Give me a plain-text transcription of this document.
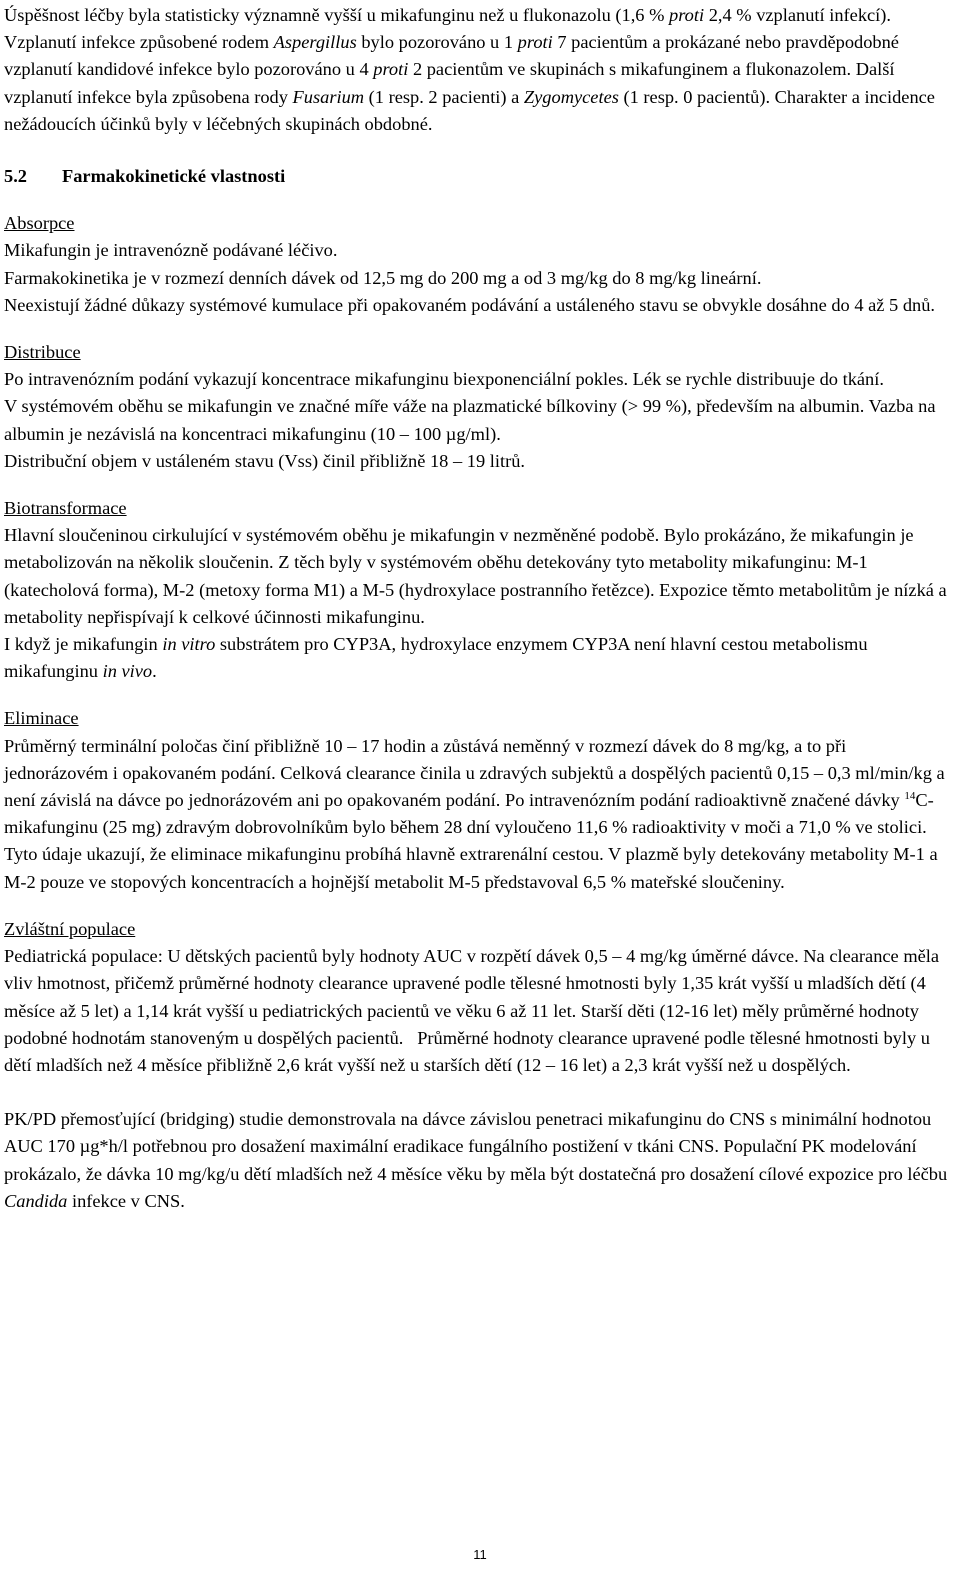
Úspěšnost léčby byla statisticky významně vyšší u mikafunginu než u flukonazolu (1,6 % proti 2,4 % vzplanutí infekcí). Vzplanutí infekce způsobené rodem Aspergillus bylo pozorováno u 1 proti 7 pacientům a prokázané nebo pravděpodobné vzplanutí kandidové infekce bylo pozorováno u 4 proti 2 pacientům ve skupinách s mikafunginem a flukonazolem. Další vzplanutí infekce byla způsobena rody Fusarium (1 resp. 2 pacienti) a Zygomycetes (1 resp. 0 pacientů). Charakter a incidence nežádoucích účinků byly v léčebných skupinách obdobné.

5.2 Farmakokinetické vlastnosti

Absorpce

Mikafungin je intravenózně podávané léčivo.

Farmakokinetika je v rozmezí denních dávek od 12,5 mg do 200 mg a od 3 mg/kg do 8 mg/kg lineární.

Neexistují žádné důkazy systémové kumulace při opakovaném podávání a ustáleného stavu se obvykle dosáhne do 4 až 5 dnů.

Distribuce

Po intravenózním podání vykazují koncentrace mikafunginu biexponenciální pokles. Lék se rychle distribuuje do tkání.

V systémovém oběhu se mikafungin ve značné míře váže na plazmatické bílkoviny (> 99 %), především na albumin. Vazba na albumin je nezávislá na koncentraci mikafunginu (10 – 100 µg/ml).

Distribuční objem v ustáleném stavu (Vss) činil přibližně 18 – 19 litrů.

Biotransformace

Hlavní sloučeninou cirkulující v systémovém oběhu je mikafungin v nezměněné podobě. Bylo prokázáno, že mikafungin je metabolizován na několik sloučenin. Z těch byly v systémovém oběhu detekovány tyto metabolity mikafunginu: M-1 (katecholová forma), M-2 (metoxy forma M1) a M-5 (hydroxylace postranního řetězce). Expozice těmto metabolitům je nízká a metabolity nepřispívají k celkové účinnosti mikafunginu.

I když je mikafungin in vitro substrátem pro CYP3A, hydroxylace enzymem CYP3A není hlavní cestou metabolismu mikafunginu in vivo.

Eliminace

Průměrný terminální poločas činí přibližně 10 – 17 hodin a zůstává neměnný v rozmezí dávek do 8 mg/kg, a to při jednorázovém i opakovaném podání. Celková clearance činila u zdravých subjektů a dospělých pacientů 0,15 – 0,3 ml/min/kg a není závislá na dávce po jednorázovém ani po opakovaném podání. Po intravenózním podání radioaktivně značené dávky $^{14}$C-mikafunginu (25 mg) zdravým dobrovolníkům bylo během 28 dní vyloučeno 11,6 % radioaktivity v moči a 71,0 % ve stolici. Tyto údaje ukazují, že eliminace mikafunginu probíhá hlavně extrarenální cestou. V plazmě byly detekovány metabolity M-1 a M-2 pouze ve stopových koncentracích a hojnější metabolit M-5 představoval 6,5 % mateřské sloučeniny.

Zvláštní populace

Pediatrická populace: U dětských pacientů byly hodnoty AUC v rozpětí dávek 0,5 – 4 mg/kg úměrné dávce. Na clearance měla vliv hmotnost, přičemž průměrné hodnoty clearance upravené podle tělesné hmotnosti byly 1,35 krát vyšší u mladších dětí (4 měsíce až 5 let) a 1,14 krát vyšší u pediatrických pacientů ve věku 6 až 11 let. Starší děti (12-16 let) měly průměrné hodnoty podobné hodnotám stanoveným u dospělých pacientů.   Průměrné hodnoty clearance upravené podle tělesné hmotnosti byly u dětí mladších než 4 měsíce přibližně 2,6 krát vyšší než u starších dětí (12 – 16 let) a 2,3 krát vyšší než u dospělých.

PK/PD přemosťující (bridging) studie demonstrovala na dávce závislou penetraci mikafunginu do CNS s minimální hodnotou AUC 170 µg*h/l potřebnou pro dosažení maximální eradikace fungálního postižení v tkáni CNS. Populační PK modelování prokázalo, že dávka 10 mg/kg/u dětí mladších než 4 měsíce věku by měla být dostatečná pro dosažení cílové expozice pro léčbu Candida infekce v CNS.

11
